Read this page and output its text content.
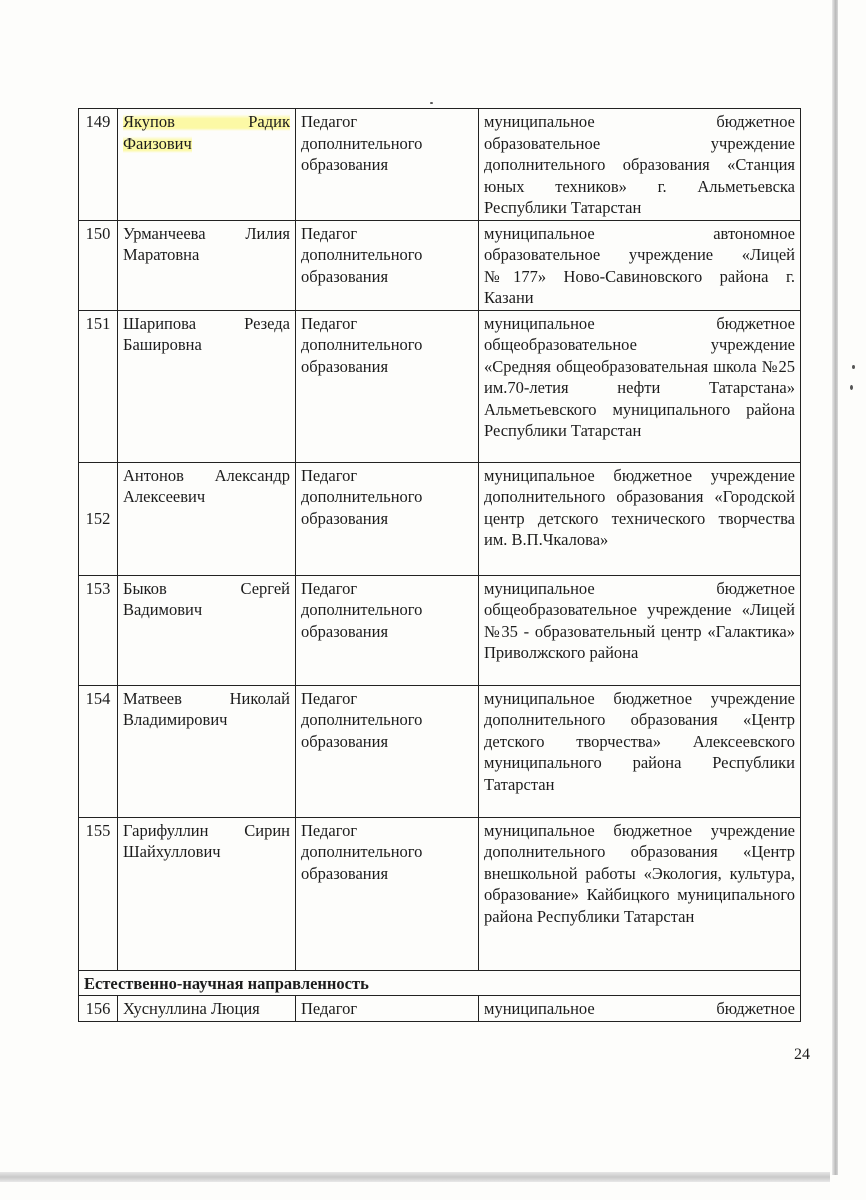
149	Якупов Радик Фаизович	Педагог дополнительного образования	муниципальное бюджетное образовательное учреждение дополнительного образования «Станция юных техников» г. Альметьевска Республики Татарстан
150	Урманчеева Лилия Маратовна	Педагог дополнительного образования	муниципальное автономное образовательное учреждение «Лицей №177» Ново-Савиновского района г. Казани
151	Шарипова Резеда Башировна	Педагог дополнительного образования	муниципальное бюджетное общеобразовательное учреждение «Средняя общеобразовательная школа №25 им.70-летия нефти Татарстана» Альметьевского муниципального района Республики Татарстан
152	Антонов Александр Алексеевич	Педагог дополнительного образования	муниципальное бюджетное учреждение дополнительного образования «Городской центр детского технического творчества им. В.П.Чкалова»
153	Быков Сергей Вадимович	Педагог дополнительного образования	муниципальное бюджетное общеобразовательное учреждение «Лицей №35 - образовательный центр «Галактика» Приволжского района
154	Матвеев Николай Владимирович	Педагог дополнительного образования	муниципальное бюджетное учреждение дополнительного образования «Центр детского творчества» Алексеевского муниципального района Республики Татарстан
155	Гарифуллин Сирин Шайхуллович	Педагог дополнительного образования	муниципальное бюджетное учреждение дополнительного образования «Центр внешкольной работы «Экология, культура, образование» Кайбицкого муниципального района Республики Татарстан
Естественно-научная направленность			
156	Хуснуллина Люция	Педагог	муниципальное бюджетное
24
